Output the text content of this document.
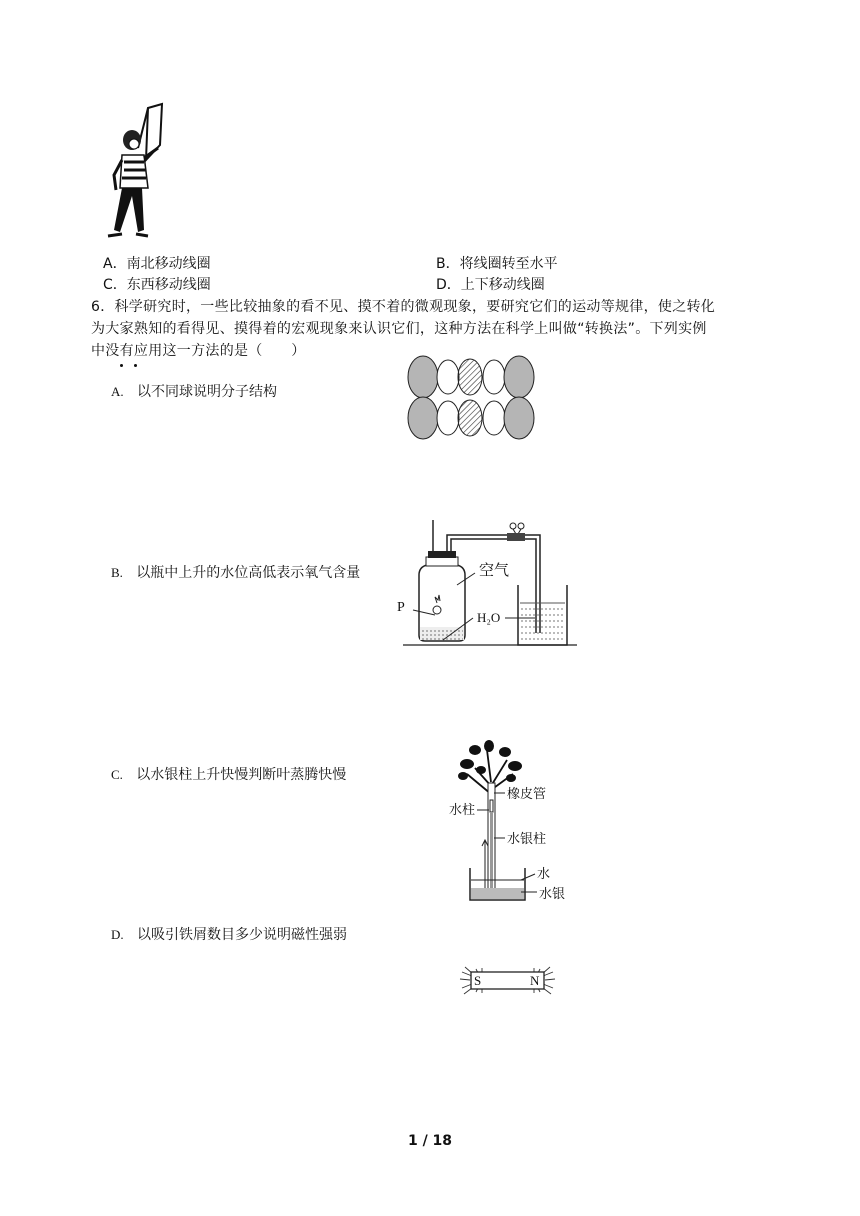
A．南北移动线圈	B．将线圈转至水平
C．东西移动线圈	D．上下移动线圈
6．科学研究时，一些比较抽象的看不见、摸不着的微观现象，要研究它们的运动等规律，使之转化
为大家熟知的看得见、摸得着的宏观现象来认识它们，这种方法在科学上叫做“转换法”。下列实例
中没有应用这一方法的是（　　）
A. 以不同球说明分子结构
B. 以瓶中上升的水位高低表示氧气含量	空气
P
H₂O
C. 以水银柱上升快慢判断叶蒸腾快慢
橡皮管
水柱
水银柱
水
水银
D. 以吸引铁屑数目多少说明磁性强弱
S	N
1 / 18
